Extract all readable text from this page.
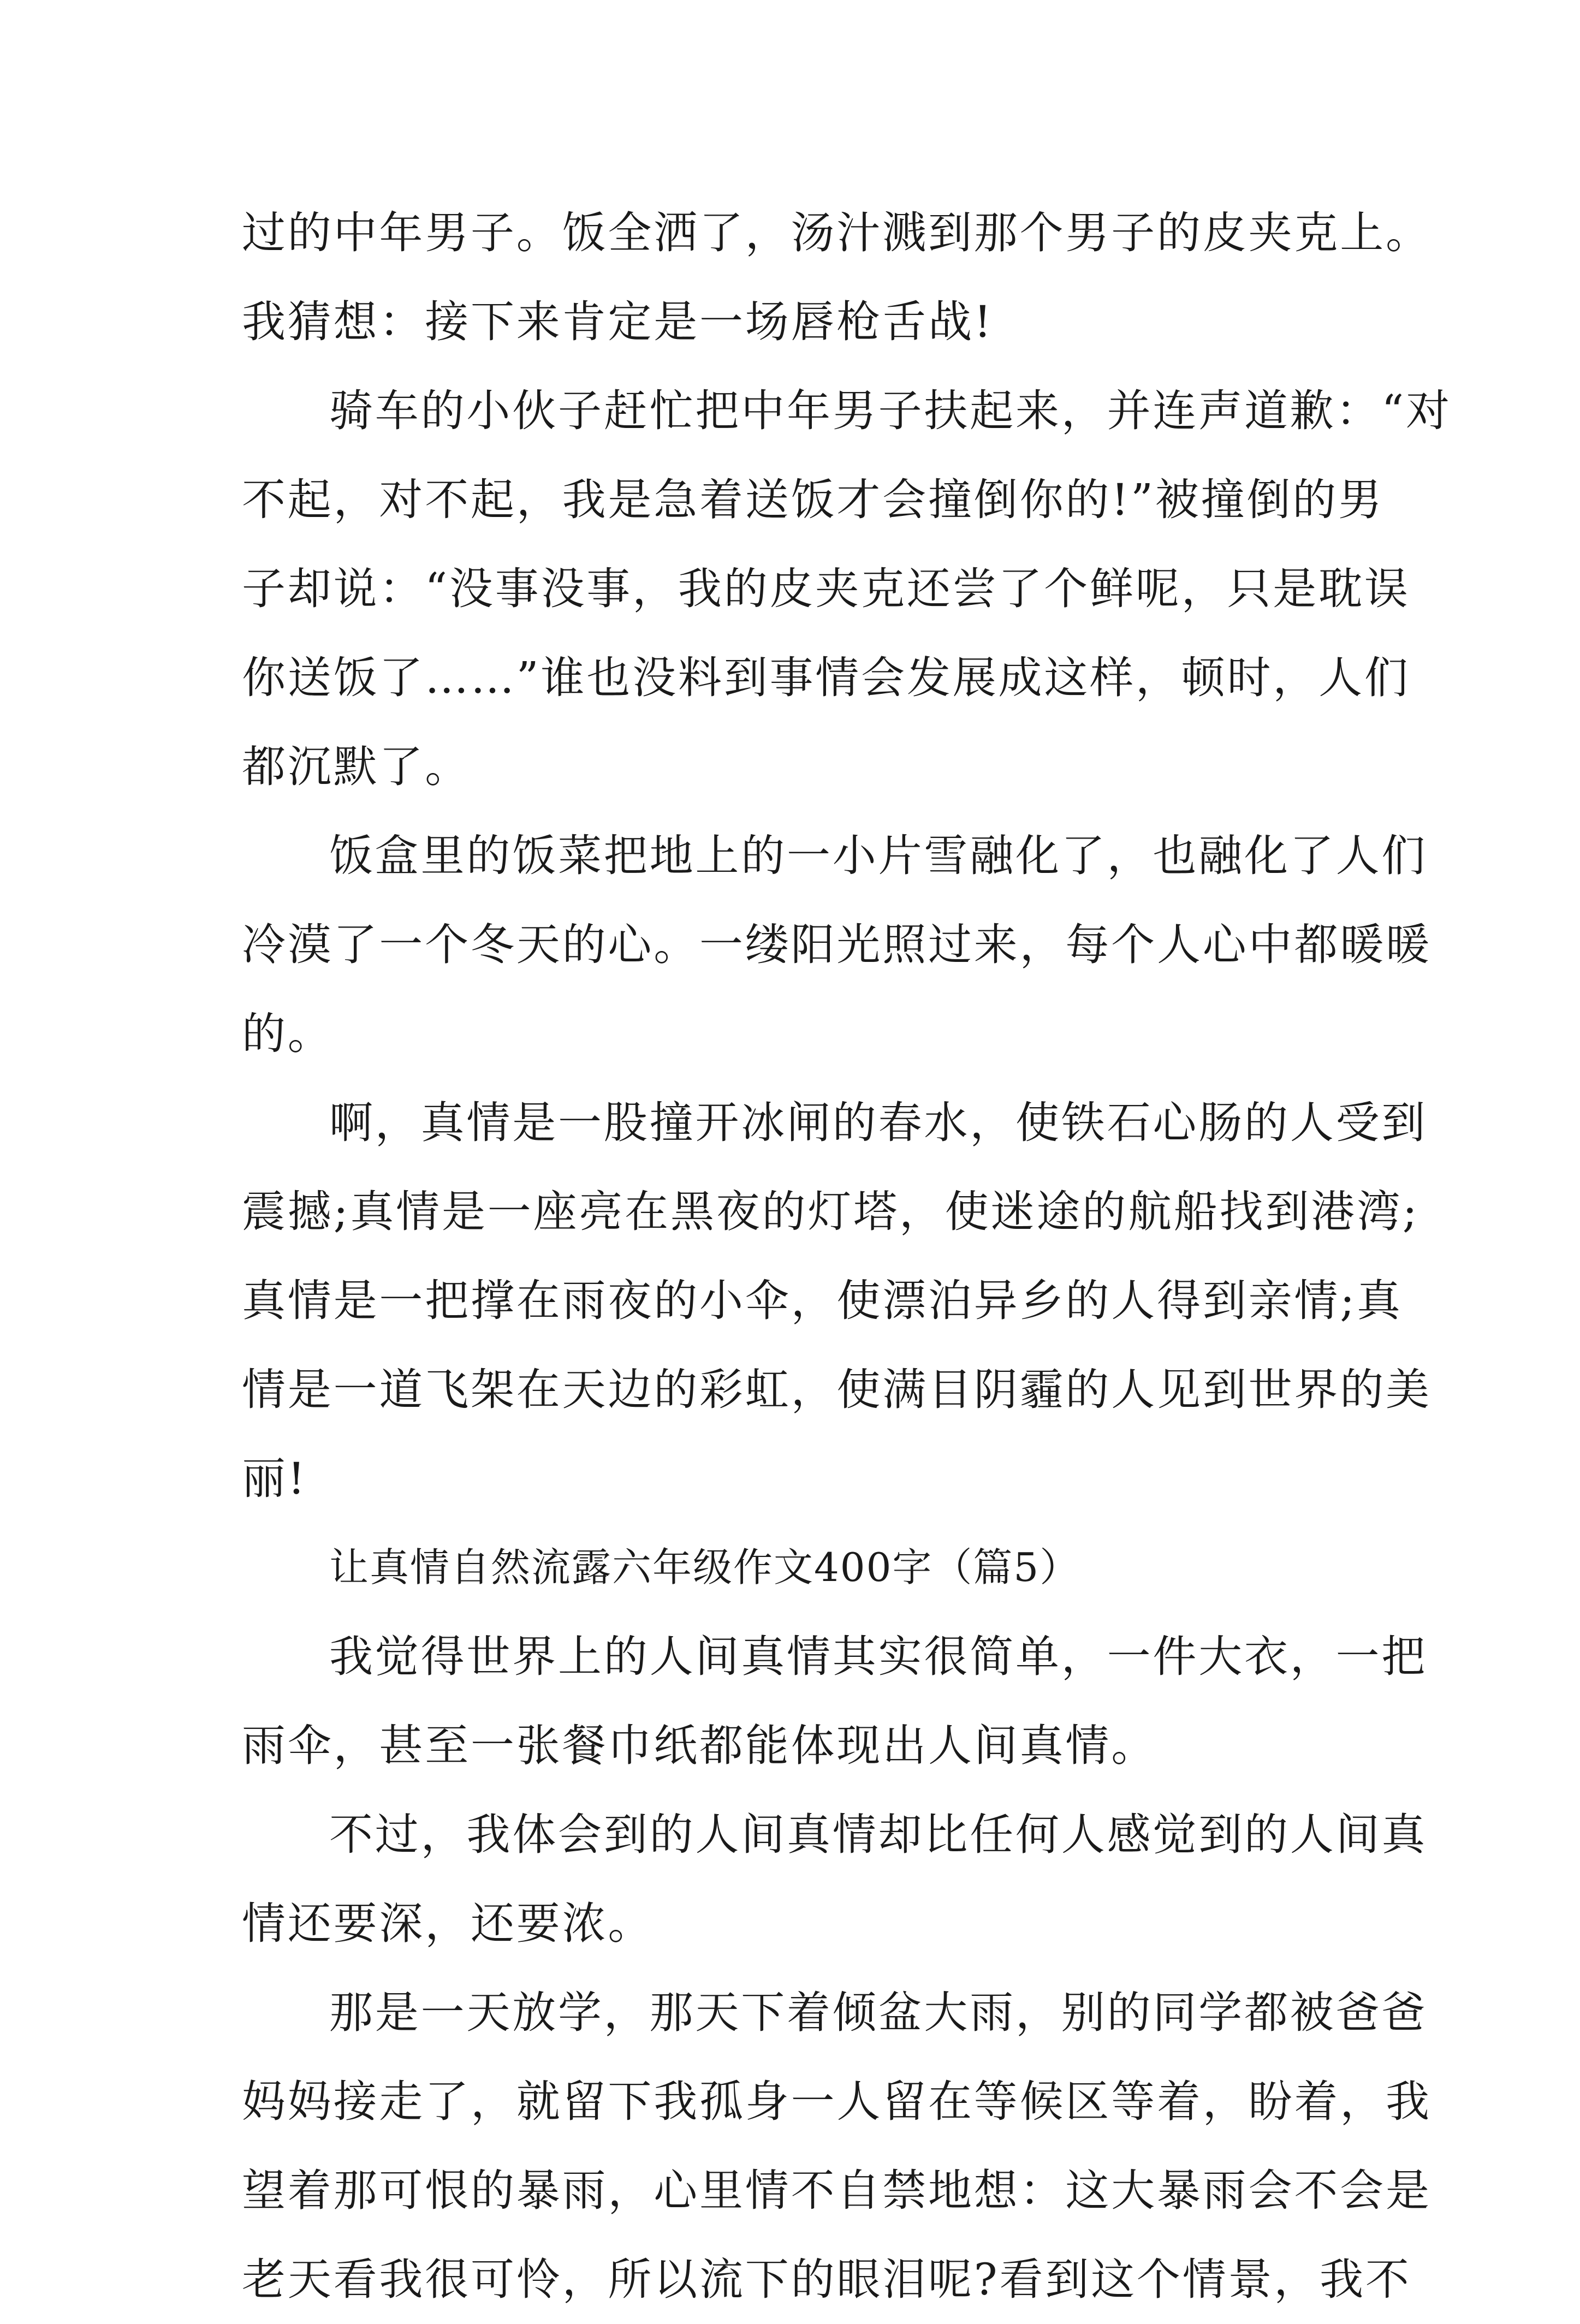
过的中年男子。饭全洒了，汤汁溅到那个男子的皮夹克上。
我猜想：接下来肯定是一场唇枪舌战!
骑车的小伙子赶忙把中年男子扶起来，并连声道歉：“对
不起，对不起，我是急着送饭才会撞倒你的!”被撞倒的男
子却说：“没事没事，我的皮夹克还尝了个鲜呢，只是耽误
你送饭了……”谁也没料到事情会发展成这样，顿时，人们
都沉默了。
饭盒里的饭菜把地上的一小片雪融化了，也融化了人们
冷漠了一个冬天的心。一缕阳光照过来，每个人心中都暖暖
的。
啊，真情是一股撞开冰闸的春水，使铁石心肠的人受到
震撼;真情是一座亮在黑夜的灯塔，使迷途的航船找到港湾;
真情是一把撑在雨夜的小伞，使漂泊异乡的人得到亲情;真
情是一道飞架在天边的彩虹，使满目阴霾的人见到世界的美
丽!
让真情自然流露六年级作文400字（篇5）
我觉得世界上的人间真情其实很简单，一件大衣，一把
雨伞，甚至一张餐巾纸都能体现出人间真情。
不过，我体会到的人间真情却比任何人感觉到的人间真
情还要深，还要浓。
那是一天放学，那天下着倾盆大雨，别的同学都被爸爸
妈妈接走了，就留下我孤身一人留在等候区等着，盼着，我
望着那可恨的暴雨，心里情不自禁地想：这大暴雨会不会是
老天看我很可怜，所以流下的眼泪呢?看到这个情景，我不
